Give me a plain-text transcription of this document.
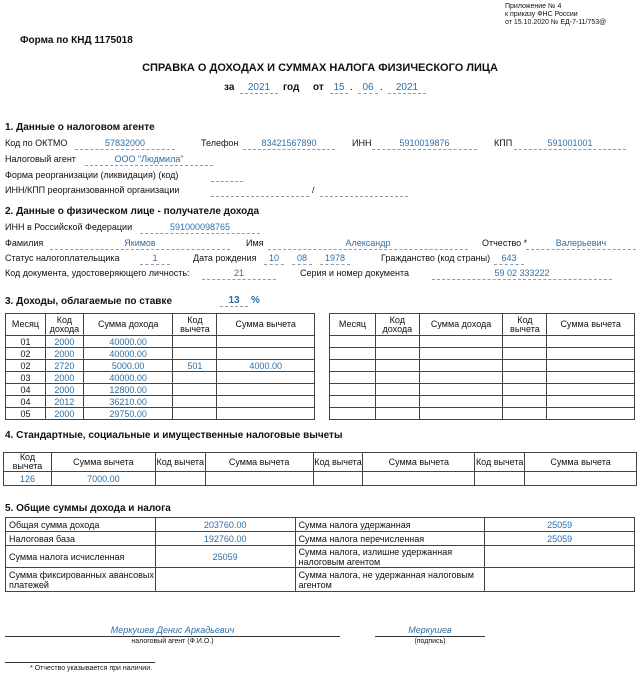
Приложение № 4
к приказу ФНС России
от 15.10.2020 № ЕД-7-11/753@
Форма по КНД 1175018
СПРАВКА О ДОХОДАХ И СУММАХ НАЛОГА ФИЗИЧЕСКОГО ЛИЦА
за	2021	год от 15 . 06 .	2021
1. Данные о налоговом агенте
Код по ОКТМО	57832000	Телефон	83421567890	ИНН	5910019876	КПП	591001001
Налоговый агент	ООО "Людмила"
Форма реорганизации (ликвидация) (код)
ИНН/КПП реорганизованной организации	/
2. Данные о физическом лице - получателе дохода
ИНН в Российской Федерации	591000098765
Фамилия	Якимов	Имя	Александр	Отчество *	Валерьевич
Статус налогоплательщика	1	Дата рождения	10	08	1978	Гражданство (код страны)	643
Код документа, удостоверяющего личность:	21	Серия и номер документа	59 02 333222
3. Доходы, облагаемые по ставке	13	%
Месяц	Код дохода	Сумма дохода	Код вычета	Сумма вычета
01	2000	40000.00		
02	2000	40000.00		
02	2720	5000.00	501	4000.00
03	2000	40000.00		
04	2000	12800.00		
04	2012	36210.00		
05	2000	29750.00		
Месяц	Код дохода	Сумма дохода	Код вычета	Сумма вычета

4. Стандартные, социальные и имущественные налоговые вычеты
Код вычета	Сумма вычета	Код вычета	Сумма вычета	Код вычета	Сумма вычета	Код вычета	Сумма вычета
126	7000.00						
5. Общие суммы дохода и налога
Общая сумма дохода	203760.00	Сумма налога удержанная	25059
Налоговая база	192760.00	Сумма налога перечисленная	25059
Сумма налога исчисленная	25059	Сумма налога, излишне удержанная налоговым агентом	
Сумма фиксированных авансовых платежей		Сумма налога, не удержанная налоговым агентом	
Меркушев Денис Аркадьевич
налоговый агент (Ф.И.О.)
Меркушев
(подпись)
* Отчество указывается при наличии.
